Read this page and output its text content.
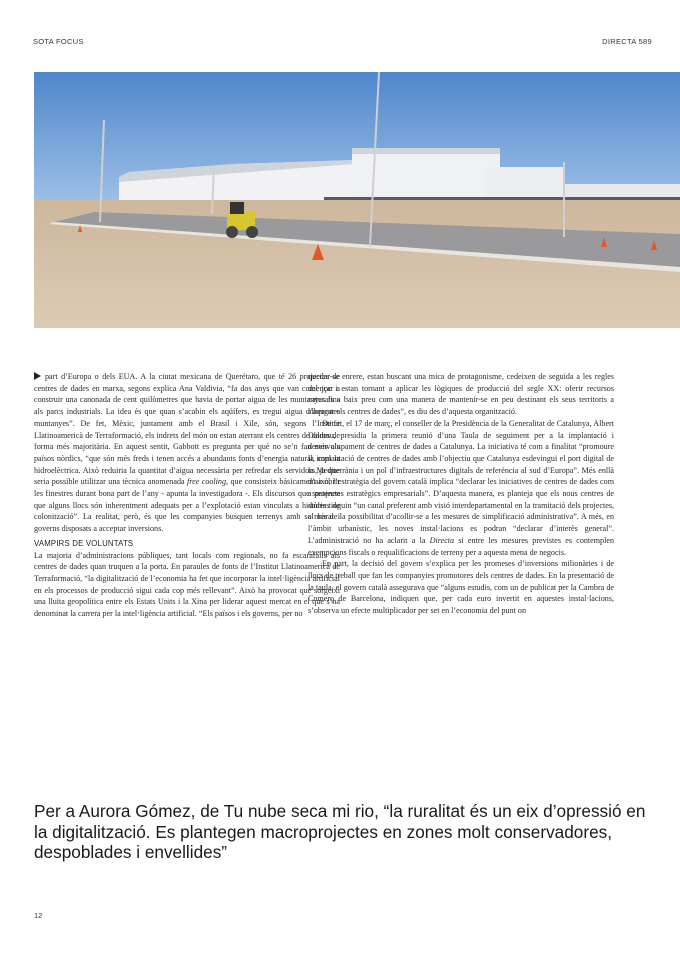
SOTA FOCUS	DIRECTA 589

part d’Europa o dels EUA. A la ciutat mexicana de Querétaro, que té 26 projectes de centres de dades en marxa, segons explica Ana Valdivia, “fa dos anys que van començar a construir una canonada de cent quilòmetres que havia de portar aigua de les muntanyes fins als parcs industrials. La idea és que quan s’acabin els aqüífers, es tregui aigua d’aquestes muntanyes”. De fet, Mèxic, juntament amb el Brasil i Xile, són, segons l’Institut Llatinoamericà de Terraformació, els indrets del món on estan aterrant els centres de dades de forma més majoritària. En aquest sentit, Gabbott es pregunta per què no se’n fan més als països nòrdics, “que són més freds i tenen accés a abundants fonts d’energia natural, com la hidroelèctrica. Això reduiria la quantitat d’aigua necessària per refredar els servidors, ja que seria possible utilitzar una tècnica anomenada free cooling, que consisteix bàsicament a obrir les finestres durant bona part de l’any - apunta la investigadora -. Els discursos que sostenen que alguns llocs són inherentment adequats per a l’explotació estan vinculats a històries de colonització”. La realitat, però, és que les companyies busquen terrenys amb sol barat i governs disposats a acceptar inversions.

VAMPIRS DE VOLUNTATS

La majoria d’administracions públiques, tant locals com regionals, no fa escarafalls als centres de dades quan truquen a la porta. En paraules de fonts de l’Institut Llatinoamericà de Terraformació, “la digitalització de l’economia ha fet que incorporar la intel·ligència artificial en els processos de producció sigui cada cop més rellevant”. Això ha provocat que sorgeixi una lluita geopolítica entre els Estats Units i la Xina per liderar aquest mercat en el que s’ha denominat la carrera per la intel·ligència artificial. “Els països i els governs, per no

quedar-se enrere, estan buscant una mica de protagonisme, cedeixen de seguida a les regles del joc i estan tornant a aplicar les lògiques de producció del segle XX: oferir recursos naturals a baix preu com una manera de mantenir-se en peu destinant els seus territoris a albergar els centres de dades”, es diu des d’aquesta organització.

De fet, el 17 de març, el conseller de la Presidència de la Generalitat de Catalunya, Albert Dalmau, presidia la primera reunió d’una Taula de seguiment per a la implantació i desenvolupament de centres de dades a Catalunya. La iniciativa té com a finalitat “promoure la implantació de centres de dades amb l’objectiu que Catalunya esdevingui el port digital de la Mediterrània i un pol d’infraestructures digitals de referència al sud d’Europa”. Més enllà d’això, l’estratègia del govern català implica “declarar les iniciatives de centres de dades com a projectes estratègics empresarials”. D’aquesta manera, es planteja que els nous centres de dades tinguin “un canal preferent amb visió interdepartamental en la tramitació dels projectes, a més de la possibilitat d’acollir-se a les mesures de simplificació administrativa”. A més, en l’àmbit urbanístic, les noves instal·lacions es podran “declarar d’interès general”. L’administració no ha aclarit a la Directa si entre les mesures previstes es contemplen exempcions fiscals o requalificacions de terreny per a aquesta mena de negocis.

En part, la decisió del govern s’explica per les promeses d’inversions milionàries i de llocs de treball que fan les companyies promotores dels centres de dades. En la presentació de la taula, el govern català assegurava que “alguns estudis, com un de publicat per la Cambra de Comerç de Barcelona, indiquen que, per cada euro invertit en aquestes instal·lacions, s’observa un efecte multiplicador per set en l’economia del punt on

Per a Aurora Gómez, de Tu nube seca mi rio, “la ruralitat és un eix d’opressió en la digitalització. Es plantegen macroprojectes en zones molt conservadores, despoblades i envellides”
12
